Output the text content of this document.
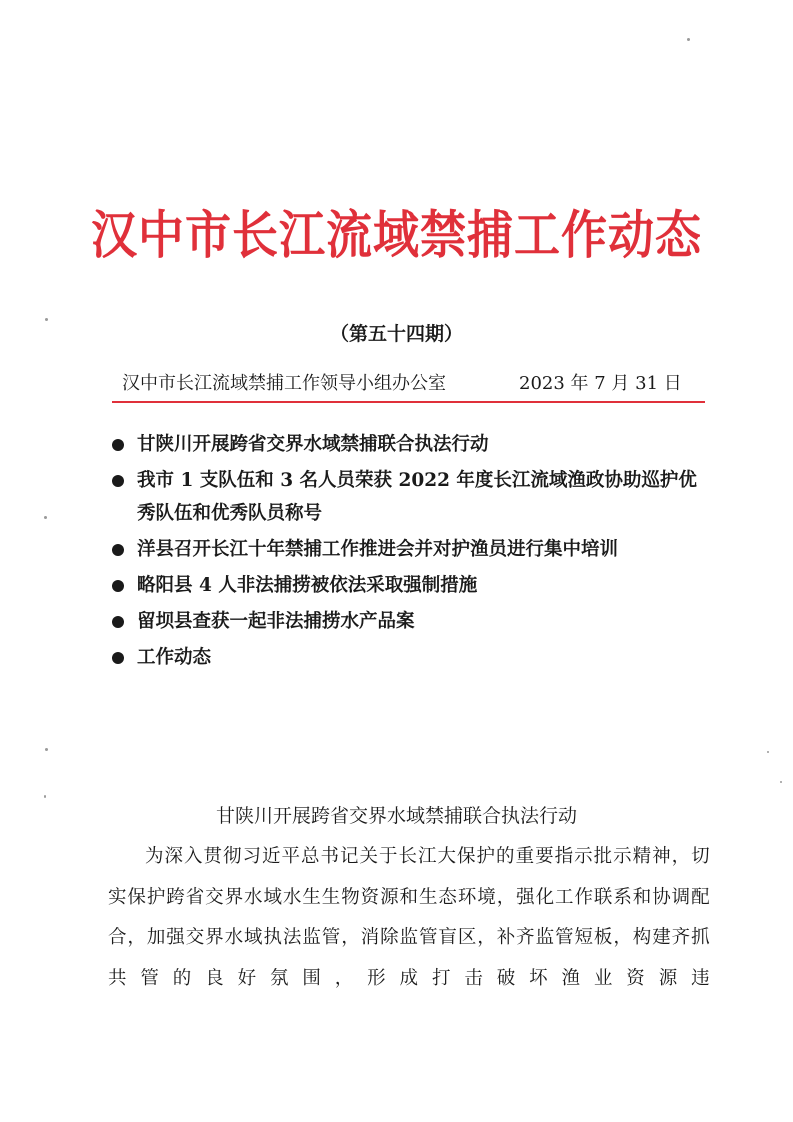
汉中市长江流域禁捕工作动态
（第五十四期）
汉中市长江流域禁捕工作领导小组办公室	2023 年 7 月 31 日
甘陕川开展跨省交界水域禁捕联合执法行动
我市 1 支队伍和 3 名人员荣获 2022 年度长江流域渔政协助巡护优秀队伍和优秀队员称号
洋县召开长江十年禁捕工作推进会并对护渔员进行集中培训
略阳县 4 人非法捕捞被依法采取强制措施
留坝县查获一起非法捕捞水产品案
工作动态
甘陕川开展跨省交界水域禁捕联合执法行动

为深入贯彻习近平总书记关于长江大保护的重要指示批示精神，切实保护跨省交界水域水生生物资源和生态环境，强化工作联系和协调配合，加强交界水域执法监管，消除监管盲区，补齐监管短板，构建齐抓共管的良好氛围，形成打击破坏渔业资源违
